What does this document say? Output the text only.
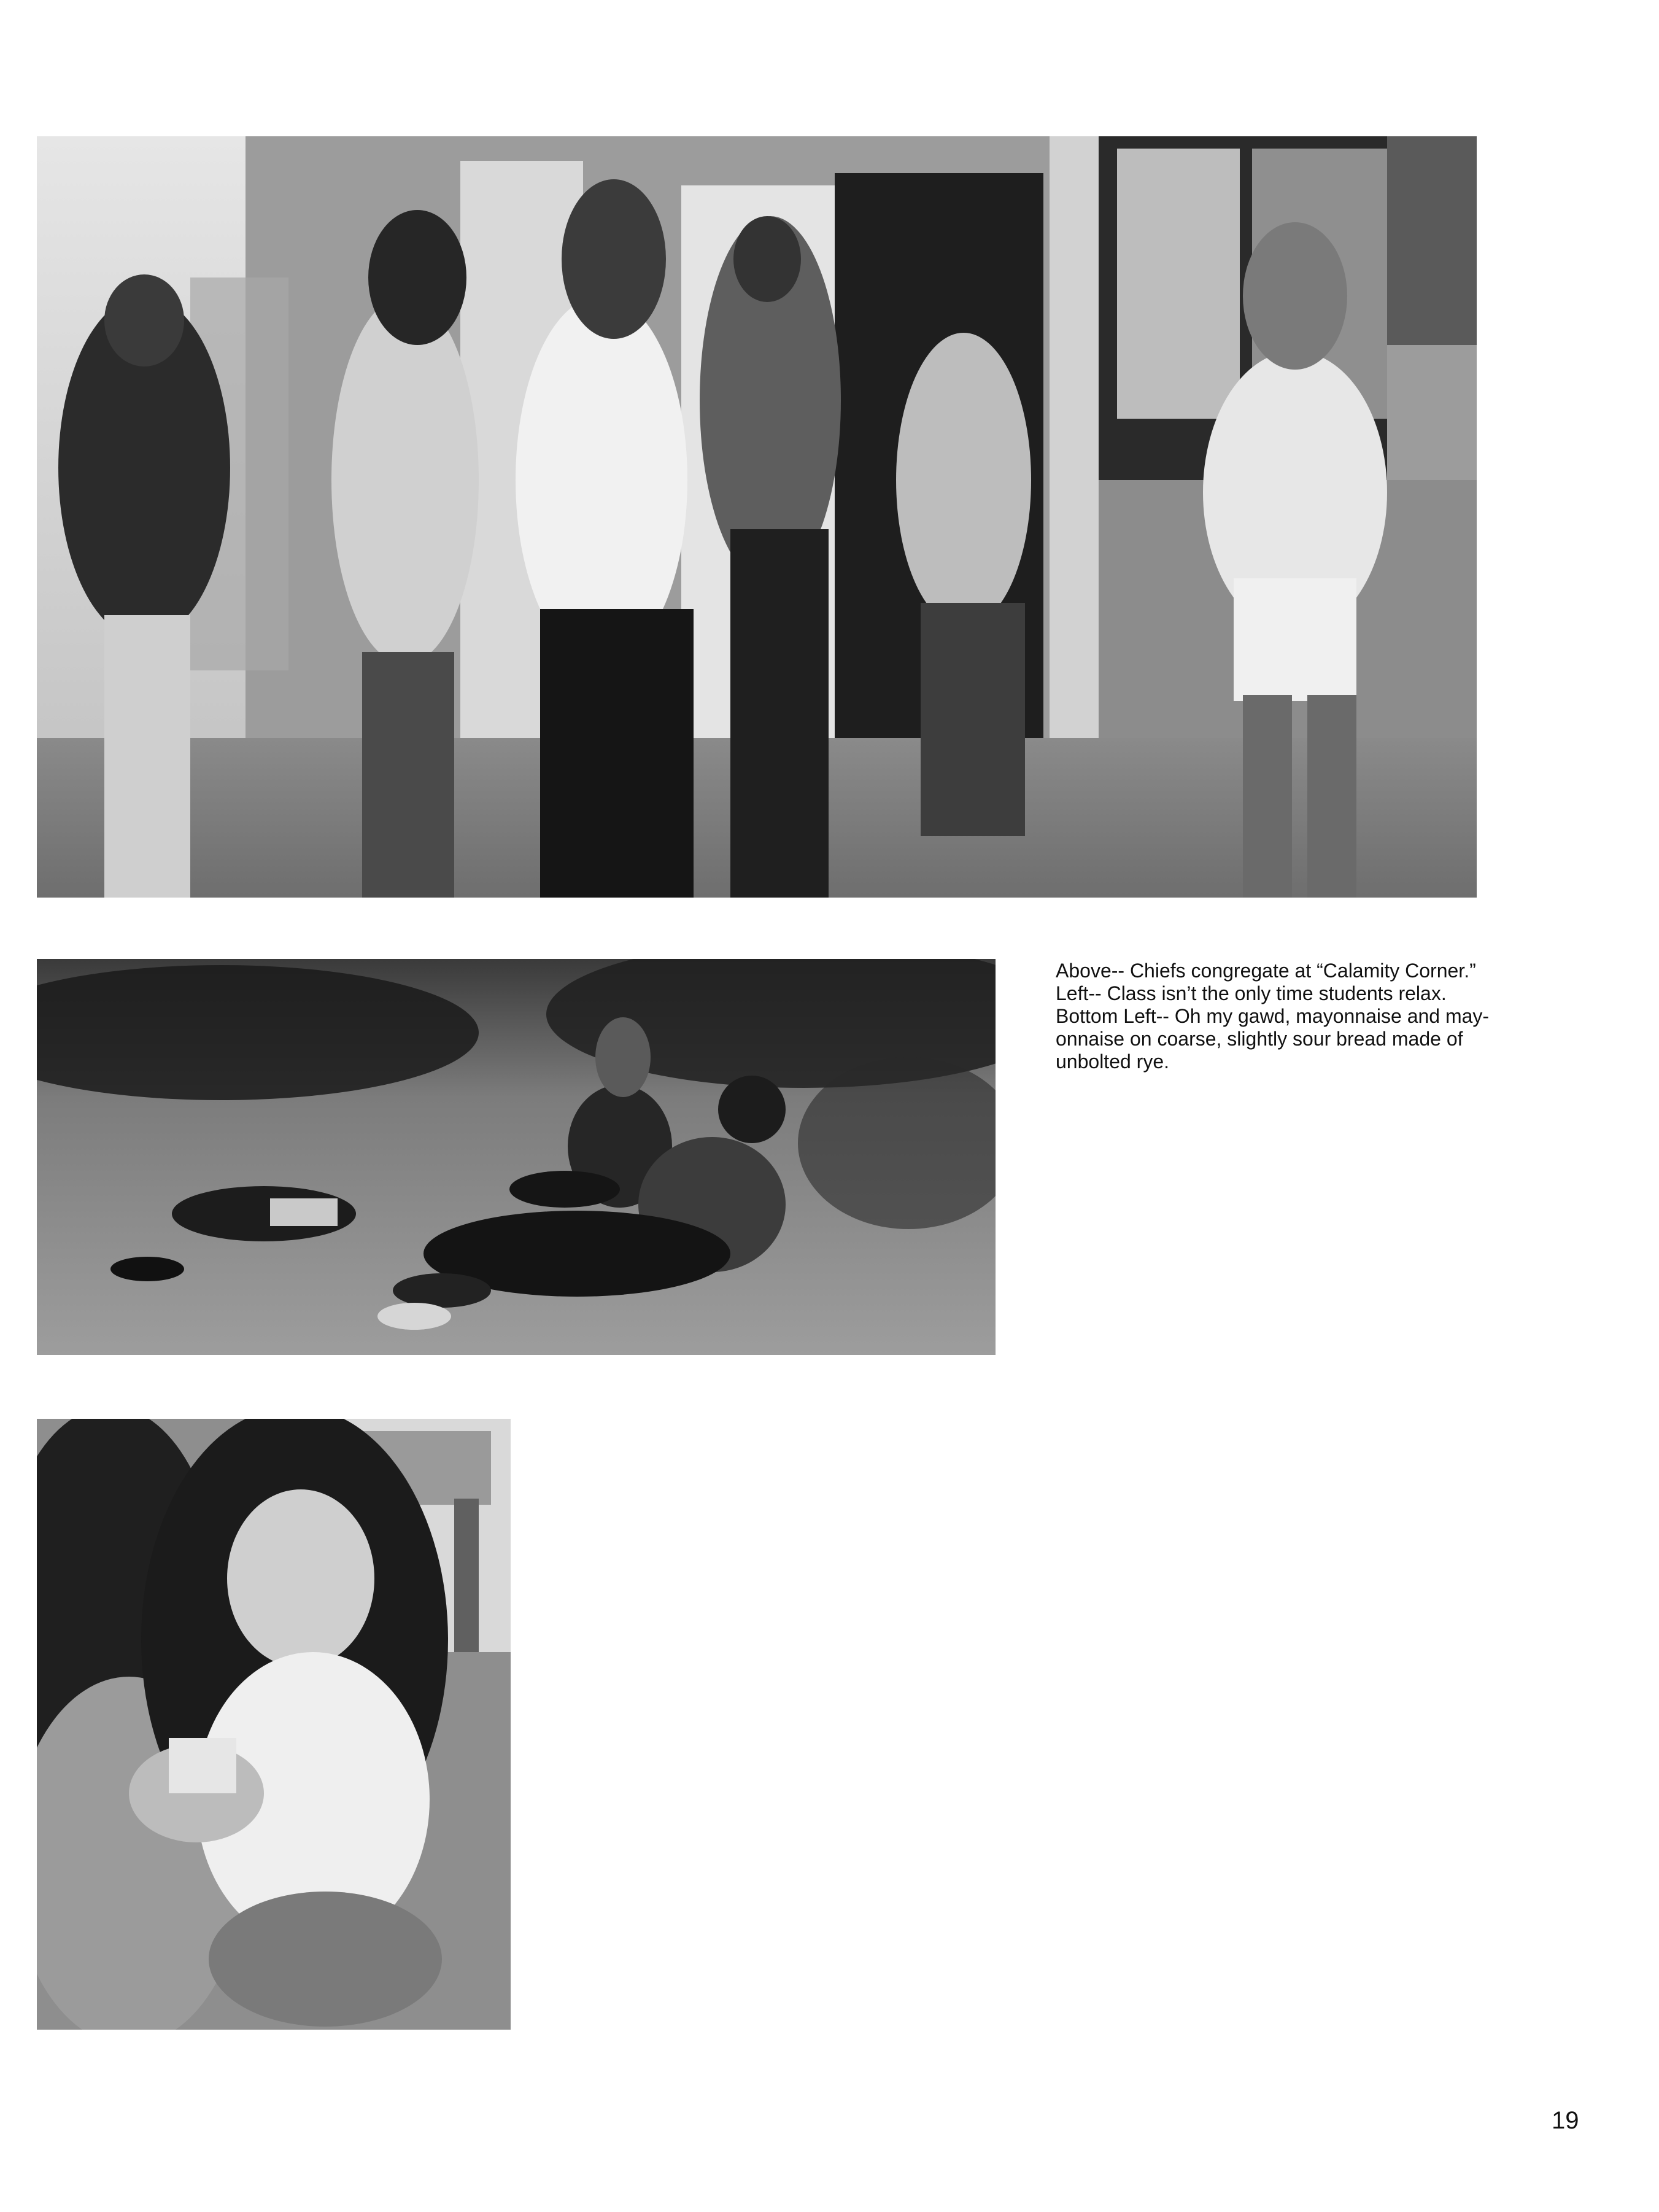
Above-- Chiefs congregate at “Calamity Corner.”
Left-- Class isn’t the only time students relax.
Bottom Left-- Oh my gawd, mayonnaise and may-
onnaise on coarse, slightly sour bread made of
unbolted rye.
19
